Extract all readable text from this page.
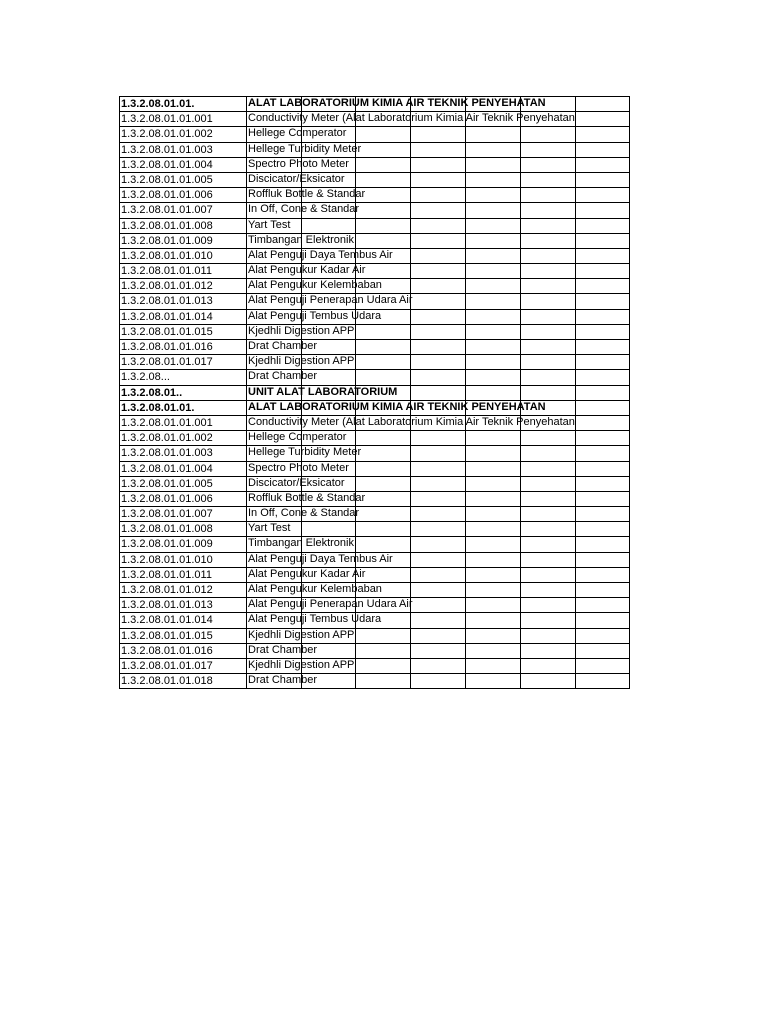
1.3.2.08.01.01.	ALAT LABORATORIUM KIMIA AIR TEKNIK PENYEHATAN
1.3.2.08.01.01.001	Conductivity Meter (Alat Laboratorium Kimia Air Teknik Penyehatan
1.3.2.08.01.01.002	Hellege Comperator
1.3.2.08.01.01.003	Hellege Turbidity Meter
1.3.2.08.01.01.004	Spectro Photo Meter
1.3.2.08.01.01.005	Discicator/Eksicator
1.3.2.08.01.01.006	Roffluk Bottle & Standar
1.3.2.08.01.01.007	In Off, Cone & Standar
1.3.2.08.01.01.008	Yart Test
1.3.2.08.01.01.009	Timbangan Elektronik
1.3.2.08.01.01.010	Alat Penguji Daya Tembus Air
1.3.2.08.01.01.011	Alat Pengukur Kadar Air
1.3.2.08.01.01.012	Alat Pengukur Kelembaban
1.3.2.08.01.01.013	Alat Penguji Penerapan Udara Air
1.3.2.08.01.01.014	Alat Penguji Tembus Udara
1.3.2.08.01.01.015	Kjedhli Digestion APP
1.3.2.08.01.01.016	Drat Chamber
1.3.2.08.01.01.017	Kjedhli Digestion APP
1.3.2.08...	Drat Chamber
1.3.2.08.01..	UNIT ALAT LABORATORIUM
1.3.2.08.01.01.	ALAT LABORATORIUM KIMIA AIR TEKNIK PENYEHATAN
1.3.2.08.01.01.001	Conductivity Meter (Alat Laboratorium Kimia Air Teknik Penyehatan
1.3.2.08.01.01.002	Hellege Comperator
1.3.2.08.01.01.003	Hellege Turbidity Meter
1.3.2.08.01.01.004	Spectro Photo Meter
1.3.2.08.01.01.005	Discicator/Eksicator
1.3.2.08.01.01.006	Roffluk Bottle & Standar
1.3.2.08.01.01.007	In Off, Cone & Standar
1.3.2.08.01.01.008	Yart Test
1.3.2.08.01.01.009	Timbangan Elektronik
1.3.2.08.01.01.010	Alat Penguji Daya Tembus Air
1.3.2.08.01.01.011	Alat Pengukur Kadar Air
1.3.2.08.01.01.012	Alat Pengukur Kelembaban
1.3.2.08.01.01.013	Alat Penguji Penerapan Udara Air
1.3.2.08.01.01.014	Alat Penguji Tembus Udara
1.3.2.08.01.01.015	Kjedhli Digestion APP
1.3.2.08.01.01.016	Drat Chamber
1.3.2.08.01.01.017	Kjedhli Digestion APP
1.3.2.08.01.01.018	Drat Chamber
